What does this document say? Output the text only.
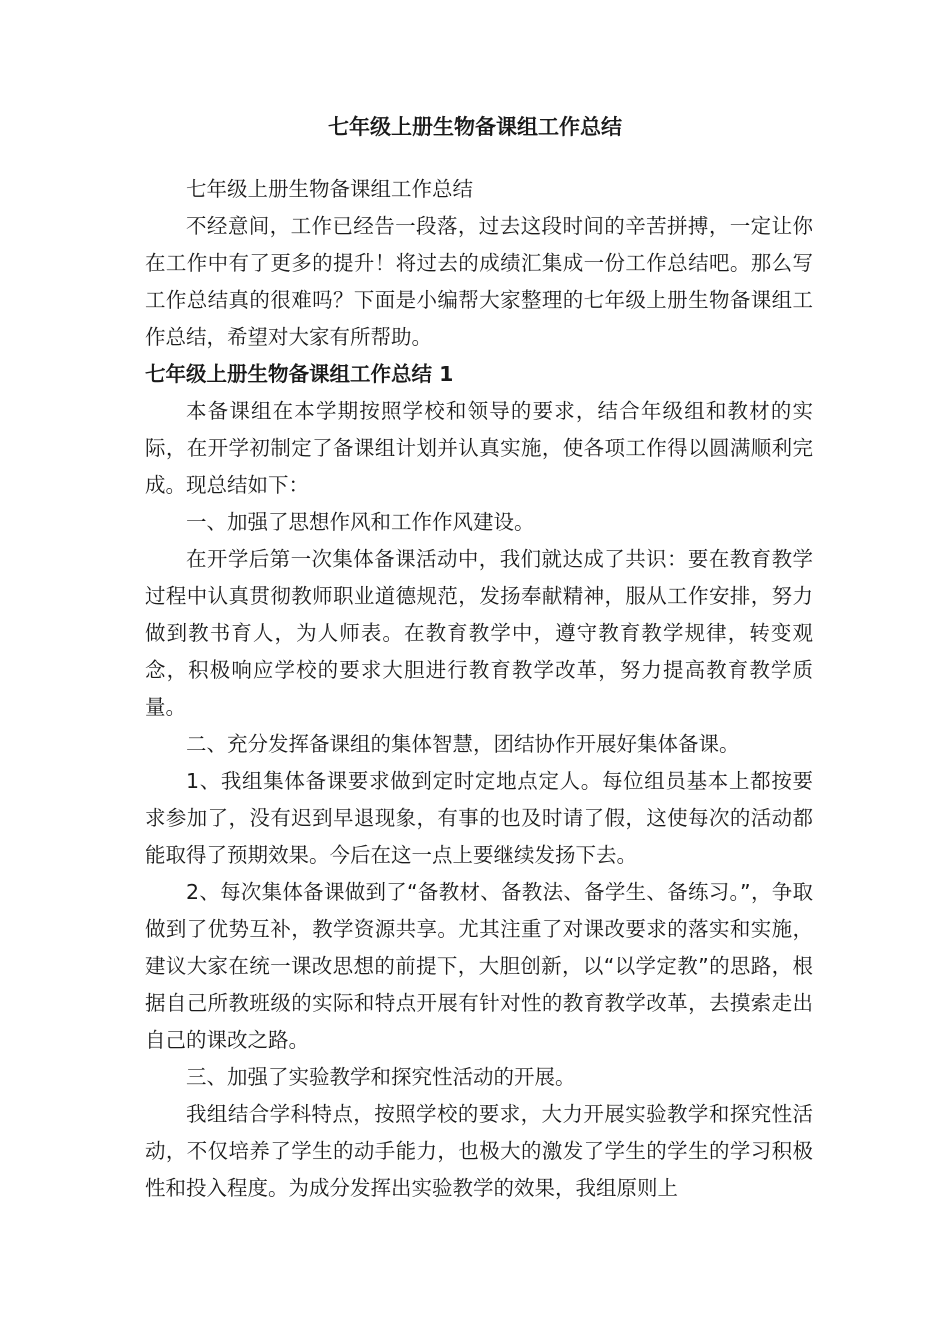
七年级上册生物备课组工作总结

七年级上册生物备课组工作总结

不经意间，工作已经告一段落，过去这段时间的辛苦拼搏，一定让你在工作中有了更多的提升！将过去的成绩汇集成一份工作总结吧。那么写工作总结真的很难吗？下面是小编帮大家整理的七年级上册生物备课组工作总结，希望对大家有所帮助。

七年级上册生物备课组工作总结 1

本备课组在本学期按照学校和领导的要求，结合年级组和教材的实际，在开学初制定了备课组计划并认真实施，使各项工作得以圆满顺利完成。现总结如下：

一、加强了思想作风和工作作风建设。

在开学后第一次集体备课活动中，我们就达成了共识：要在教育教学过程中认真贯彻教师职业道德规范，发扬奉献精神，服从工作安排，努力做到教书育人，为人师表。在教育教学中，遵守教育教学规律，转变观念，积极响应学校的要求大胆进行教育教学改革，努力提高教育教学质量。

二、充分发挥备课组的集体智慧，团结协作开展好集体备课。

1、我组集体备课要求做到定时定地点定人。每位组员基本上都按要求参加了，没有迟到早退现象，有事的也及时请了假，这使每次的活动都能取得了预期效果。今后在这一点上要继续发扬下去。

2、每次集体备课做到了“备教材、备教法、备学生、备练习。”，争取做到了优势互补，教学资源共享。尤其注重了对课改要求的落实和实施，建议大家在统一课改思想的前提下，大胆创新，以“以学定教”的思路，根据自己所教班级的实际和特点开展有针对性的教育教学改革，去摸索走出自己的课改之路。

三、加强了实验教学和探究性活动的开展。

我组结合学科特点，按照学校的要求，大力开展实验教学和探究性活动，不仅培养了学生的动手能力，也极大的激发了学生的学生的学习积极性和投入程度。为成分发挥出实验教学的效果，我组原则上
